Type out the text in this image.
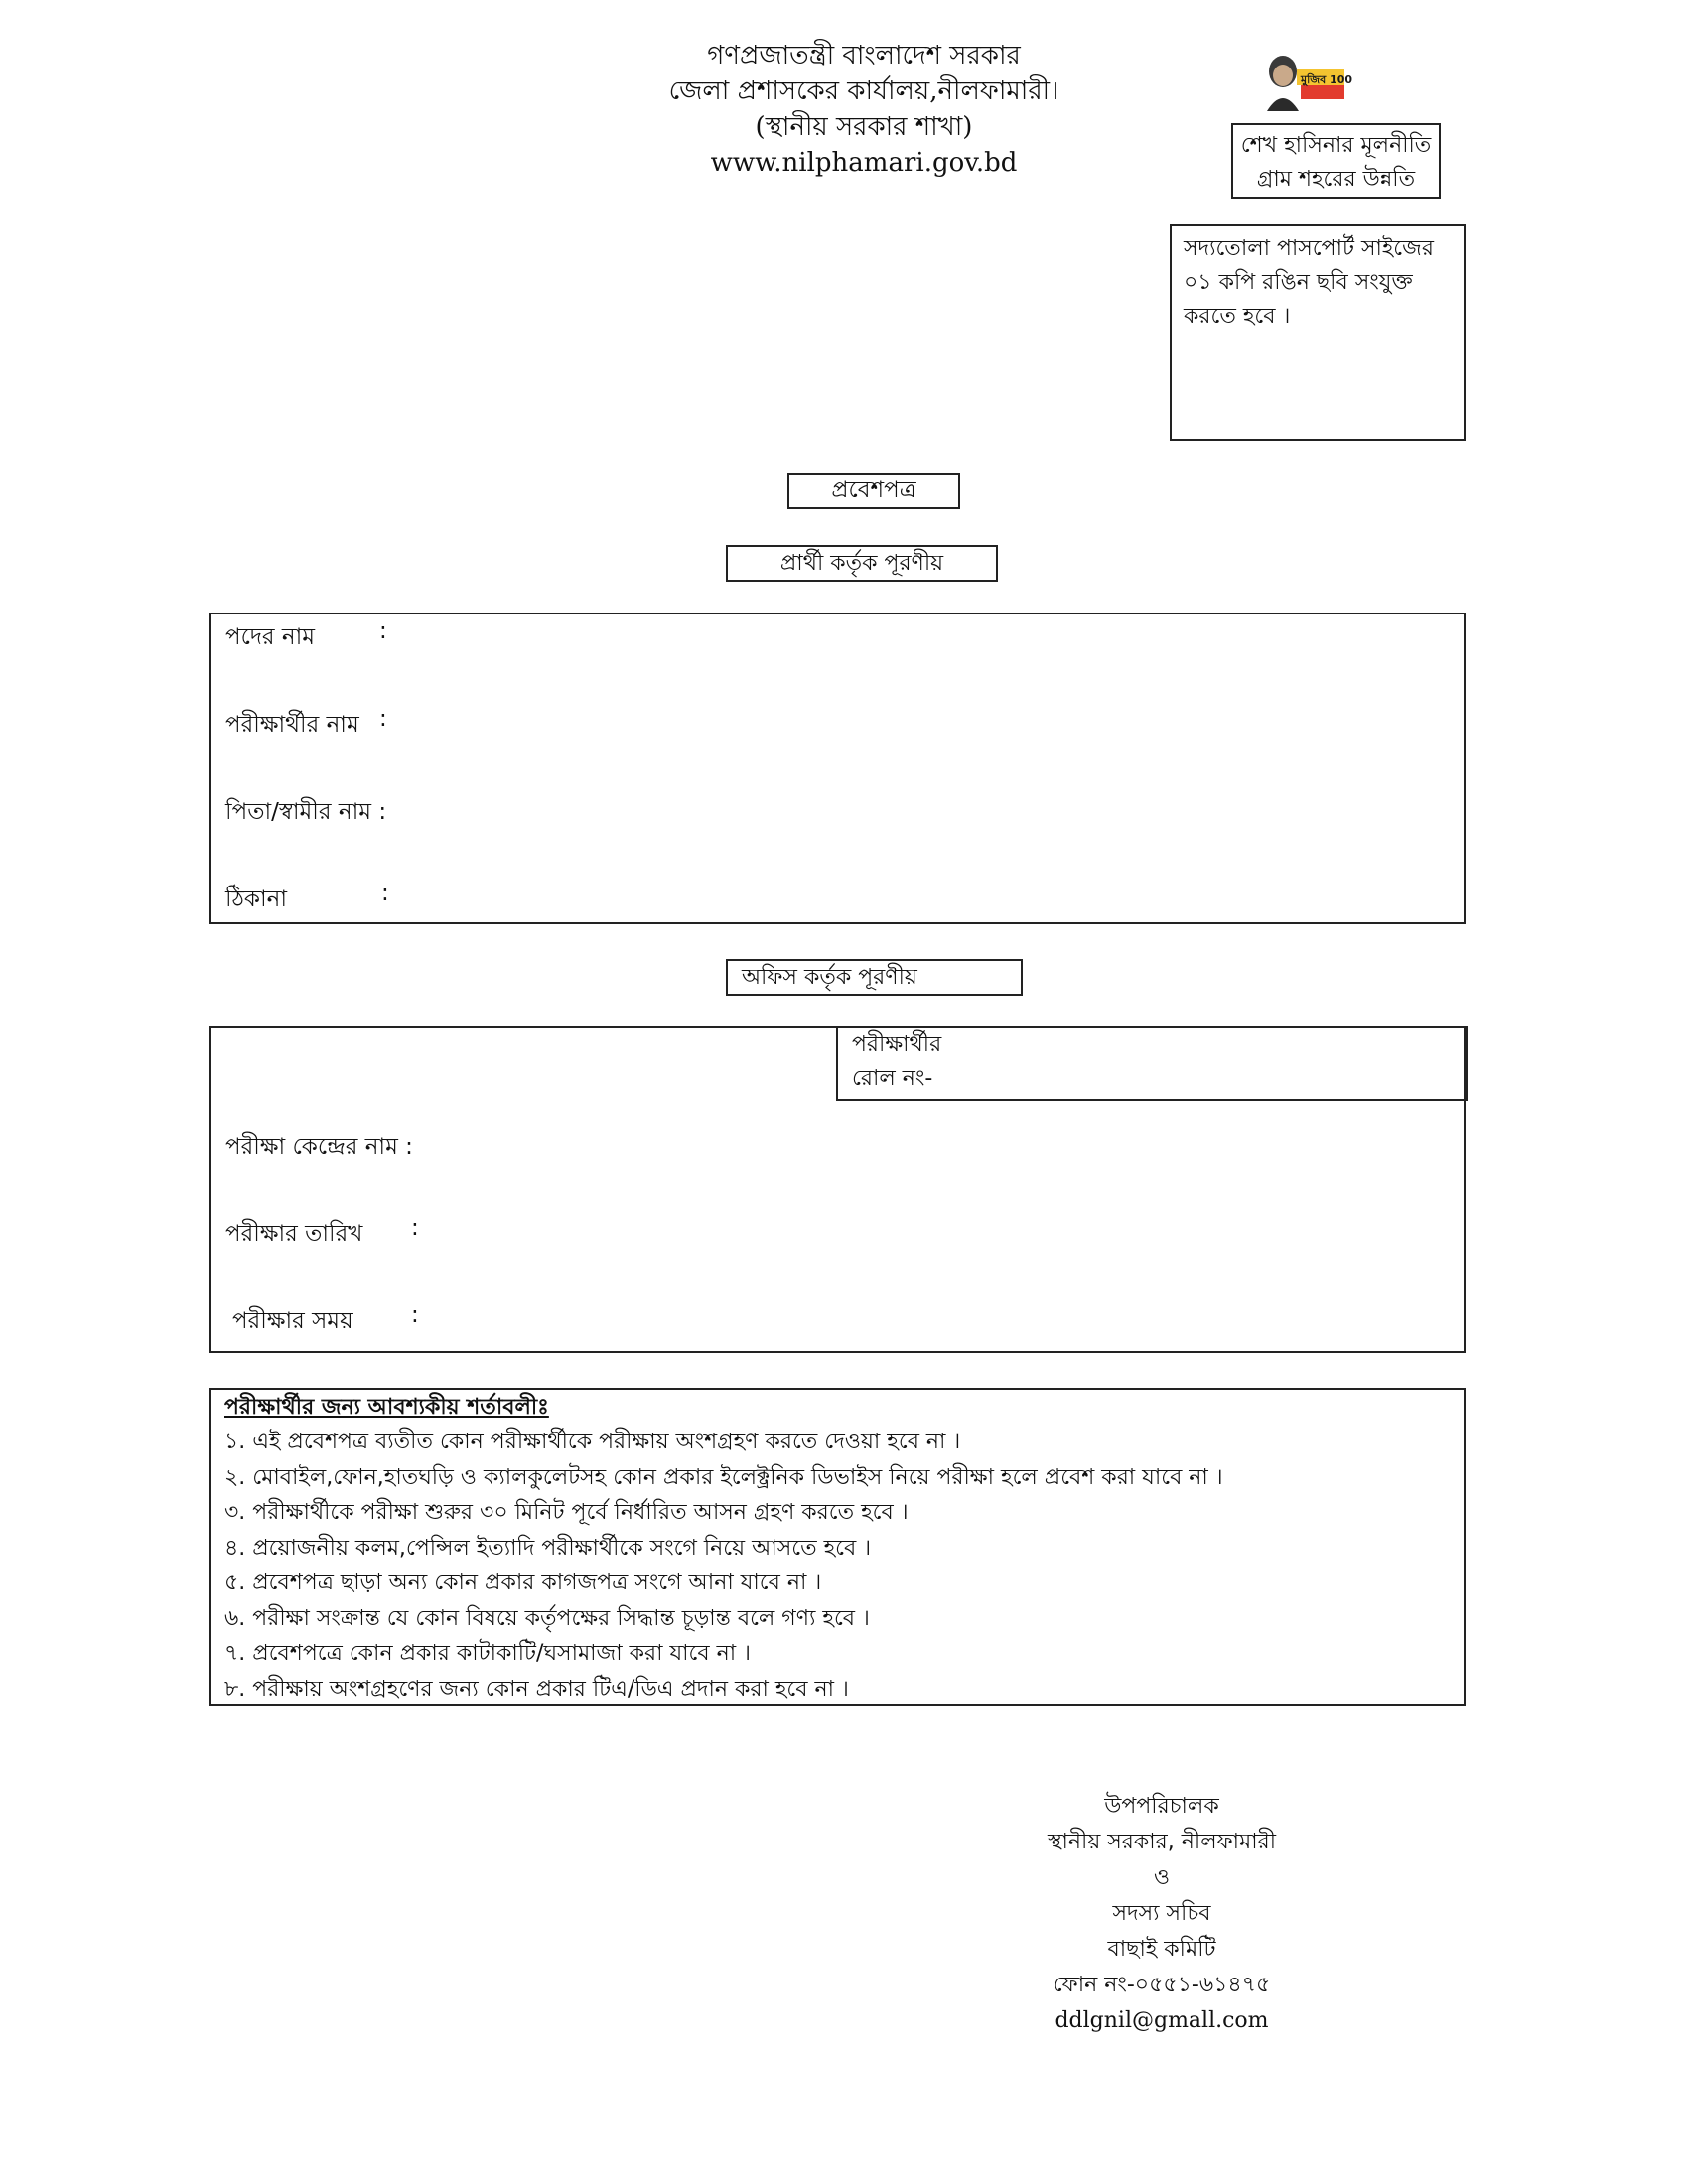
গণপ্রজাতন্ত্রী বাংলাদেশ সরকার
জেলা প্রশাসকের কার্যালয়,নীলফামারী।
(স্থানীয় সরকার শাখা)
www.nilphamari.gov.bd
মুজিব 100
শেখ হাসিনার মূলনীতি
গ্রাম শহরের উন্নতি
সদ্যতোলা পাসপোর্ট সাইজের
০১ কপি রঙিন ছবি সংযুক্ত
করতে হবে ।
প্রবেশপত্র
প্রার্থী কর্তৃক পূরণীয়
পদের নাম	:
পরীক্ষার্থীর নাম :
পিতা/স্বামীর নাম :
ঠিকানা	:
অফিস কর্তৃক পূরণীয়
পরীক্ষার্থীর
রোল নং-
পরীক্ষা কেন্দ্রের নাম :
পরীক্ষার তারিখ :
পরীক্ষার সময়	:
পরীক্ষার্থীর জন্য আবশ্যকীয় শর্তাবলীঃ
১. এই প্রবেশপত্র ব্যতীত কোন পরীক্ষার্থীকে পরীক্ষায় অংশগ্রহণ করতে দেওয়া হবে না ।
২. মোবাইল,ফোন,হাতঘড়ি ও ক্যালকুলেটসহ কোন প্রকার ইলেক্ট্রনিক ডিভাইস নিয়ে পরীক্ষা হলে প্রবেশ করা যাবে না ।
৩. পরীক্ষার্থীকে পরীক্ষা শুরুর ৩০ মিনিট পূর্বে নির্ধারিত আসন গ্রহণ করতে হবে ।
৪. প্রয়োজনীয় কলম,পেন্সিল ইত্যাদি পরীক্ষার্থীকে সংগে নিয়ে আসতে হবে ।
৫. প্রবেশপত্র ছাড়া অন্য কোন প্রকার কাগজপত্র সংগে আনা যাবে না ।
৬. পরীক্ষা সংক্রান্ত যে কোন বিষয়ে কর্তৃপক্ষের সিদ্ধান্ত চূড়ান্ত বলে গণ্য হবে ।
৭. প্রবেশপত্রে কোন প্রকার কাটাকাটি/ঘসামাজা করা যাবে না ।
৮. পরীক্ষায় অংশগ্রহণের জন্য কোন প্রকার টিএ/ডিএ প্রদান করা হবে না ।
উপপরিচালক
স্থানীয় সরকার, নীলফামারী
ও
সদস্য সচিব
বাছাই কমিটি
ফোন নং-০৫৫১-৬১৪৭৫
ddlgnil@gmall.com
